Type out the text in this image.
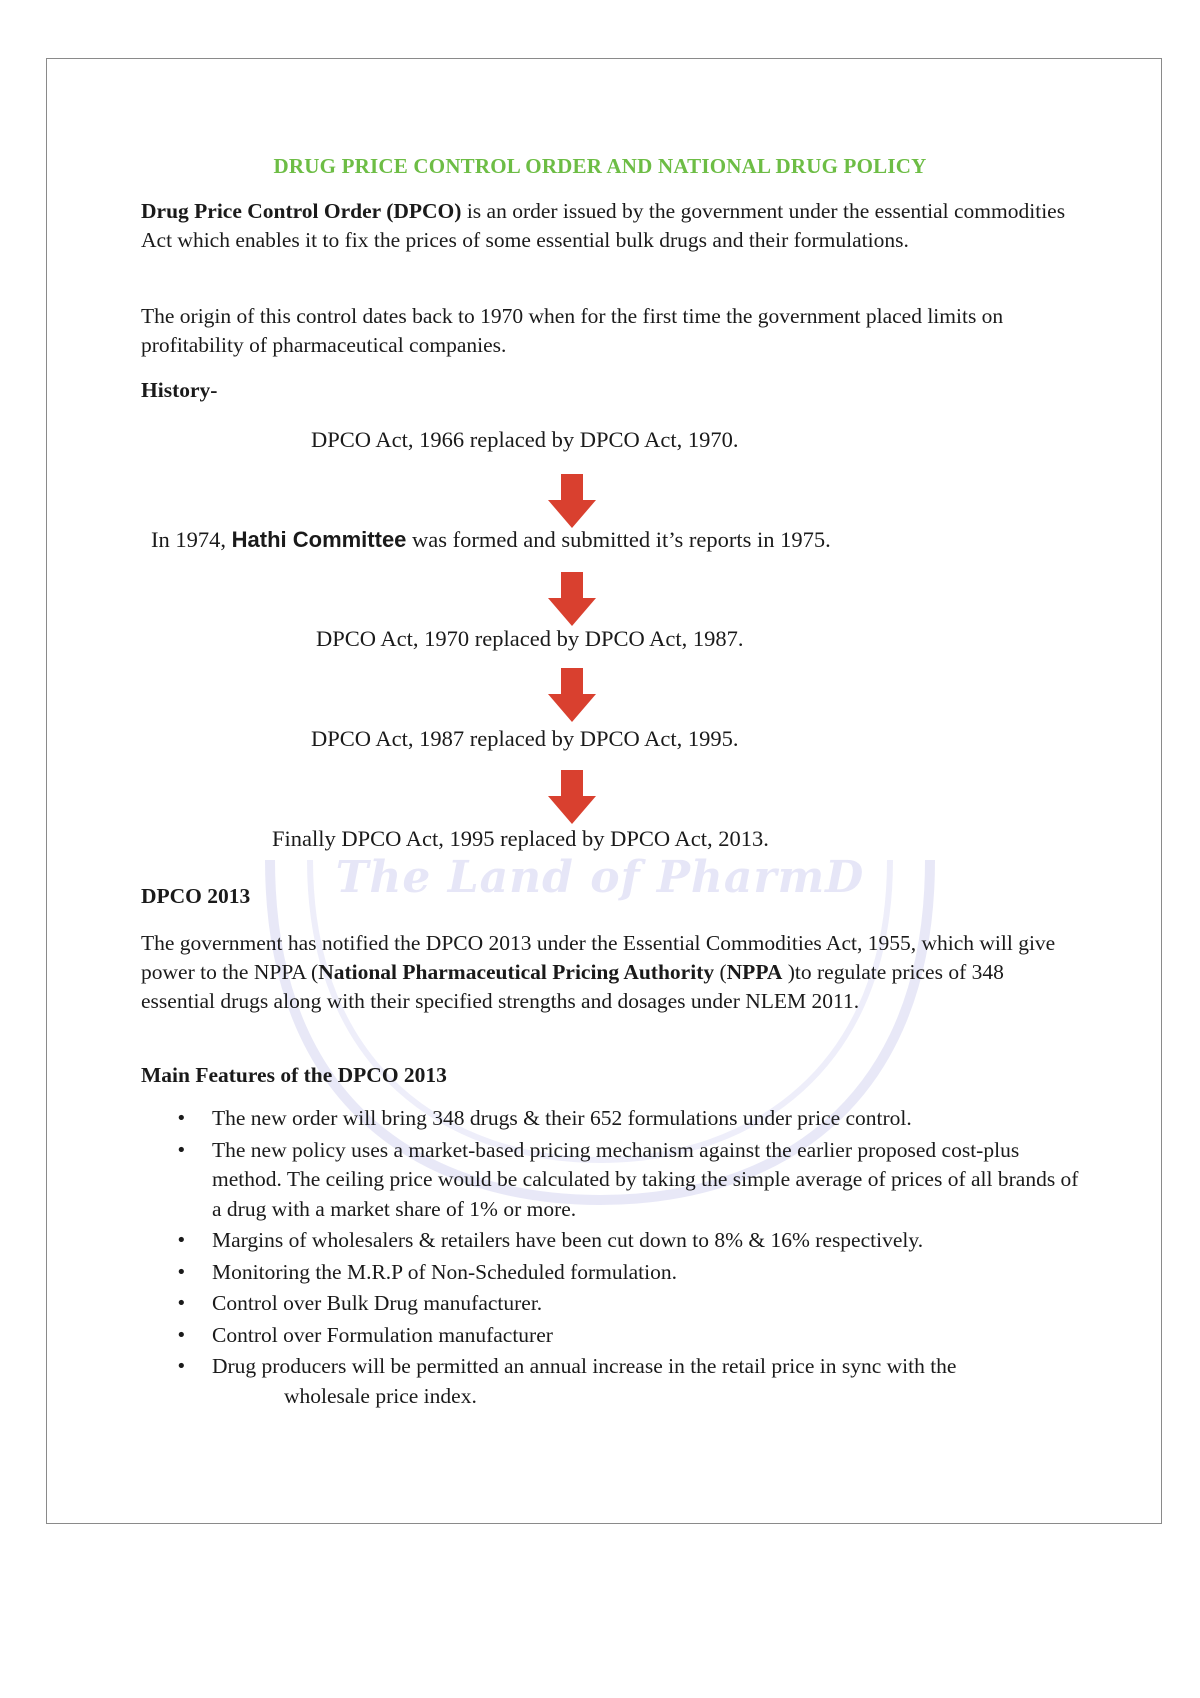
The Land of PharmD
DRUG PRICE CONTROL ORDER AND NATIONAL DRUG POLICY

Drug Price Control Order (DPCO) is an order issued by the government under the essential commodities Act which enables it to fix the prices of some essential bulk drugs and their formulations.

The origin of this control dates back to 1970 when for the first time the government placed limits on profitability of pharmaceutical companies.

History-
DPCO Act, 1966 replaced by DPCO Act, 1970.
In 1974, Hathi Committee was formed and submitted it’s reports in 1975.
DPCO Act, 1970 replaced by DPCO Act, 1987.
DPCO Act, 1987 replaced by DPCO Act, 1995.
Finally DPCO Act, 1995 replaced by DPCO Act, 2013.
DPCO 2013

The government has notified the DPCO 2013 under the Essential Commodities Act, 1955, which will give power to the NPPA (National Pharmaceutical Pricing Authority (NPPA )to regulate prices of 348 essential drugs along with their specified strengths and dosages under NLEM 2011.

Main Features of the DPCO 2013
• The new order will bring 348 drugs & their 652 formulations under price control.
• The new policy uses a market-based pricing mechanism against the earlier proposed cost-plus method. The ceiling price would be calculated by taking the simple average of prices of all brands of a drug with a market share of 1% or more.
• Margins of wholesalers & retailers have been cut down to 8% & 16% respectively.
• Monitoring the M.R.P of Non-Scheduled formulation.
• Control over Bulk Drug manufacturer.
• Control over Formulation manufacturer
• Drug producers will be permitted an annual increase in the retail price in sync with the
wholesale price index.
